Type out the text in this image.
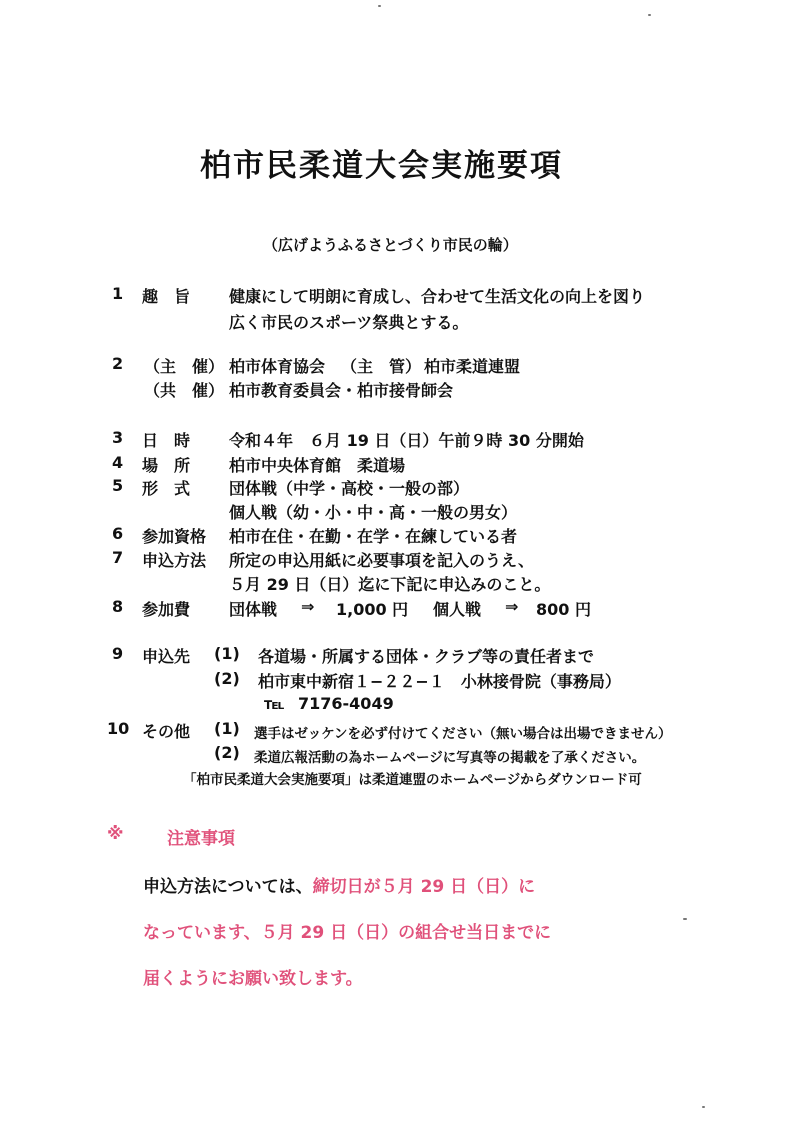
柏市民柔道大会実施要項
（広げようふるさとづくり市民の輪）
1 趣　旨 健康にして明朗に育成し、合わせて生活文化の向上を図り
広く市民のスポーツ祭典とする。
2 （主　催） 柏市体育協会 （主　管） 柏市柔道連盟
（共　催） 柏市教育委員会・柏市接骨師会
3 日　時 令和４年　６月 19 日（日）午前９時 30 分開始
4 場　所 柏市中央体育館　柔道場
5 形　式 団体戦（中学・高校・一般の部）
個人戦（幼・小・中・高・一般の男女）
6 参加資格 柏市在住・在勤・在学・在練している者
7 申込方法 所定の申込用紙に必要事項を記入のうえ、
５月 29 日（日）迄に下記に申込みのこと。
8 参加費 団体戦 ⇒ 1,000 円 個人戦 ⇒ 800 円
9 申込先 (1) 各道場・所属する団体・クラブ等の責任者まで
(2) 柏市東中新宿１−２２−１　小林接骨院（事務局）
℡ 7176-4049
10 その他 (1) 選手はゼッケンを必ず付けてください（無い場合は出場できません）
(2) 柔道広報活動の為ホームページに写真等の掲載を了承ください。
「柏市民柔道大会実施要項」は柔道連盟のホームページからダウンロード可
※	注意事項
申込方法については、締切日が５月 29 日（日）に
なっています、５月 29 日（日）の組合せ当日までに
届くようにお願い致します。
